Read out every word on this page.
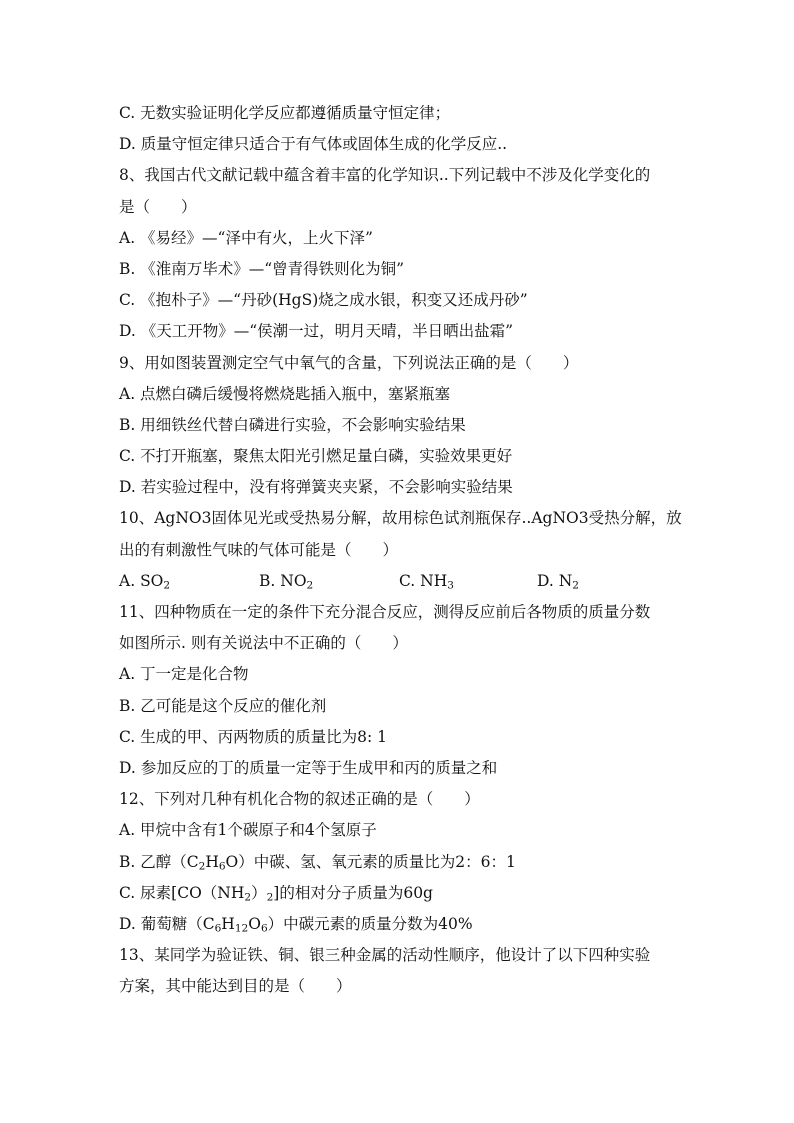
C. 无数实验证明化学反应都遵循质量守恒定律；
D. 质量守恒定律只适合于有气体或固体生成的化学反应..
8、我国古代文献记载中蕴含着丰富的化学知识..下列记载中不涉及化学变化的
是（　　）
A. 《易经》—“泽中有火，上火下泽”
B. 《淮南万毕术》—“曾青得铁则化为铜”
C. 《抱朴子》—“丹砂(HgS)烧之成水银，积变又还成丹砂”
D. 《天工开物》—“侯潮一过，明月天晴，半日晒出盐霜”
9、用如图装置测定空气中氧气的含量，下列说法正确的是（　　）
A. 点燃白磷后缓慢将燃烧匙插入瓶中，塞紧瓶塞
B. 用细铁丝代替白磷进行实验，不会影响实验结果
C. 不打开瓶塞，聚焦太阳光引燃足量白磷，实验效果更好
D. 若实验过程中，没有将弹簧夹夹紧，不会影响实验结果
10、AgNO3固体见光或受热易分解，故用棕色试剂瓶保存..AgNO3受热分解，放
出的有刺激性气味的气体可能是（　　）
A. $SO_2$	B. $NO_2$	C. $NH_3$	D. $N_2$
11、四种物质在一定的条件下充分混合反应，测得反应前后各物质的质量分数
如图所示. 则有关说法中不正确的（　　）
A. 丁一定是化合物
B. 乙可能是这个反应的催化剂
C. 生成的甲、丙两物质的质量比为8: 1
D. 参加反应的丁的质量一定等于生成甲和丙的质量之和
12、下列对几种有机化合物的叙述正确的是（　　）
A. 甲烷中含有1个碳原子和4个氢原子
B. 乙醇$(C_2H_6O)$中碳、氢、氧元素的质量比为2：6：1
C. 尿素$[CO(NH_2)_2]$的相对分子质量为60g
D. 葡萄糖$(C_6H_{12}O_6)$中碳元素的质量分数为40%
13、某同学为验证铁、铜、银三种金属的活动性顺序，他设计了以下四种实验
方案，其中能达到目的是（　　）
